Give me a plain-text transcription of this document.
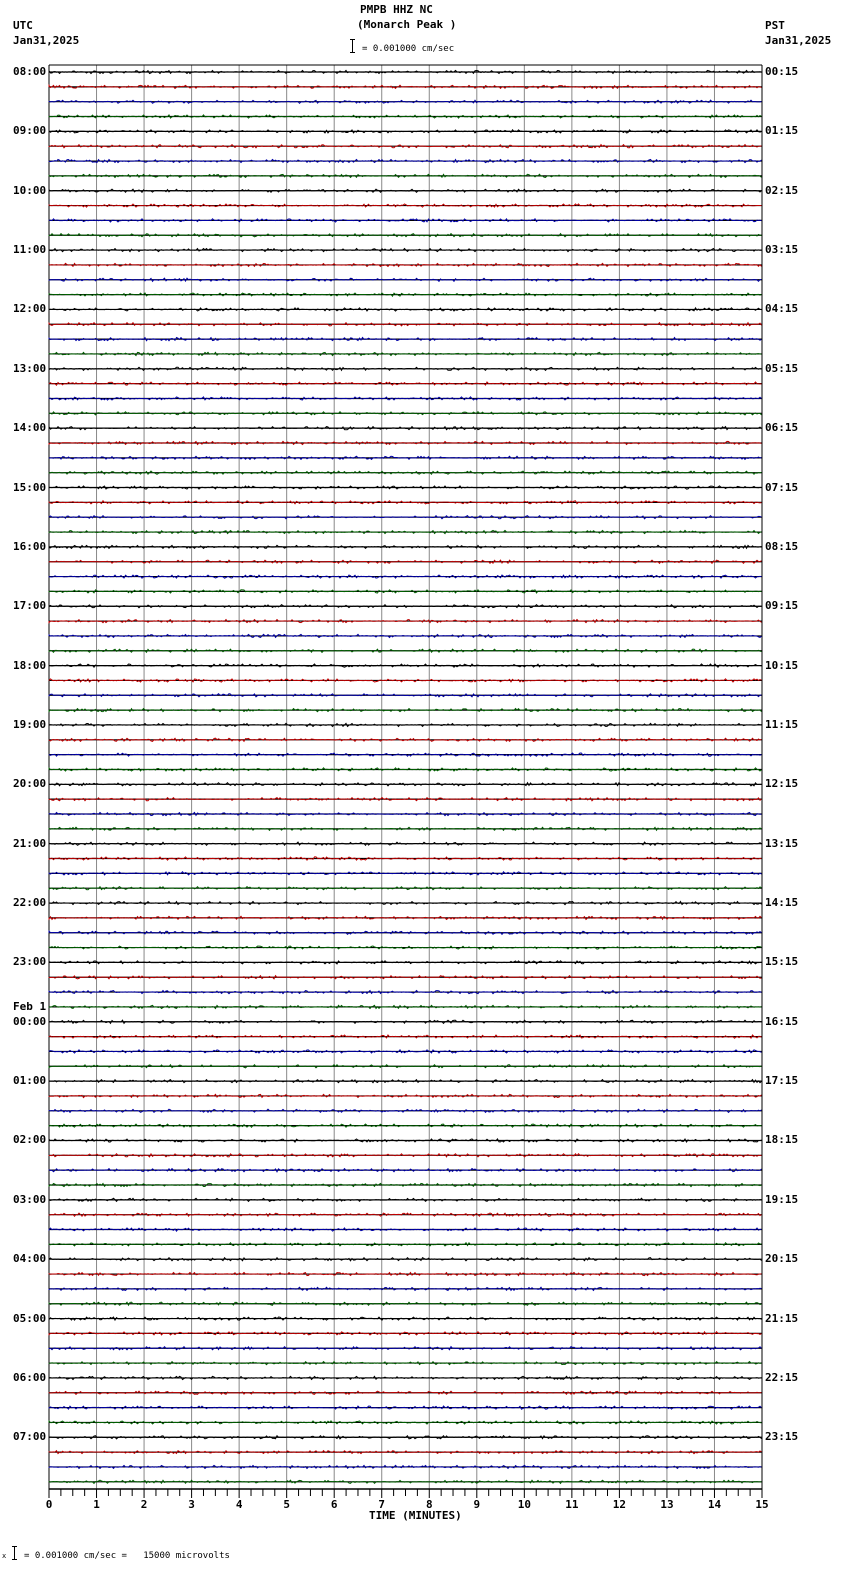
PMPB HHZ NC
(Monarch Peak )
UTC
Jan31,2025
PST
Jan31,2025
= 0.001000 cm/sec
08:00
09:00
10:00
11:00
12:00
13:00
14:00
15:00
16:00
17:00
18:00
19:00
20:00
21:00
22:00
23:00
00:00
Feb 1
01:00
02:00
03:00
04:00
05:00
06:00
07:00
00:15
01:15
02:15
03:15
04:15
05:15
06:15
07:15
08:15
09:15
10:15
11:15
12:15
13:15
14:15
15:15
16:15
17:15
18:15
19:15
20:15
21:15
22:15
23:15
0	1	2	3	4	5	6	7	8	9	10	11	12	13	14	15
TIME (MINUTES)
x = 0.001000 cm/sec =   15000 microvolts
